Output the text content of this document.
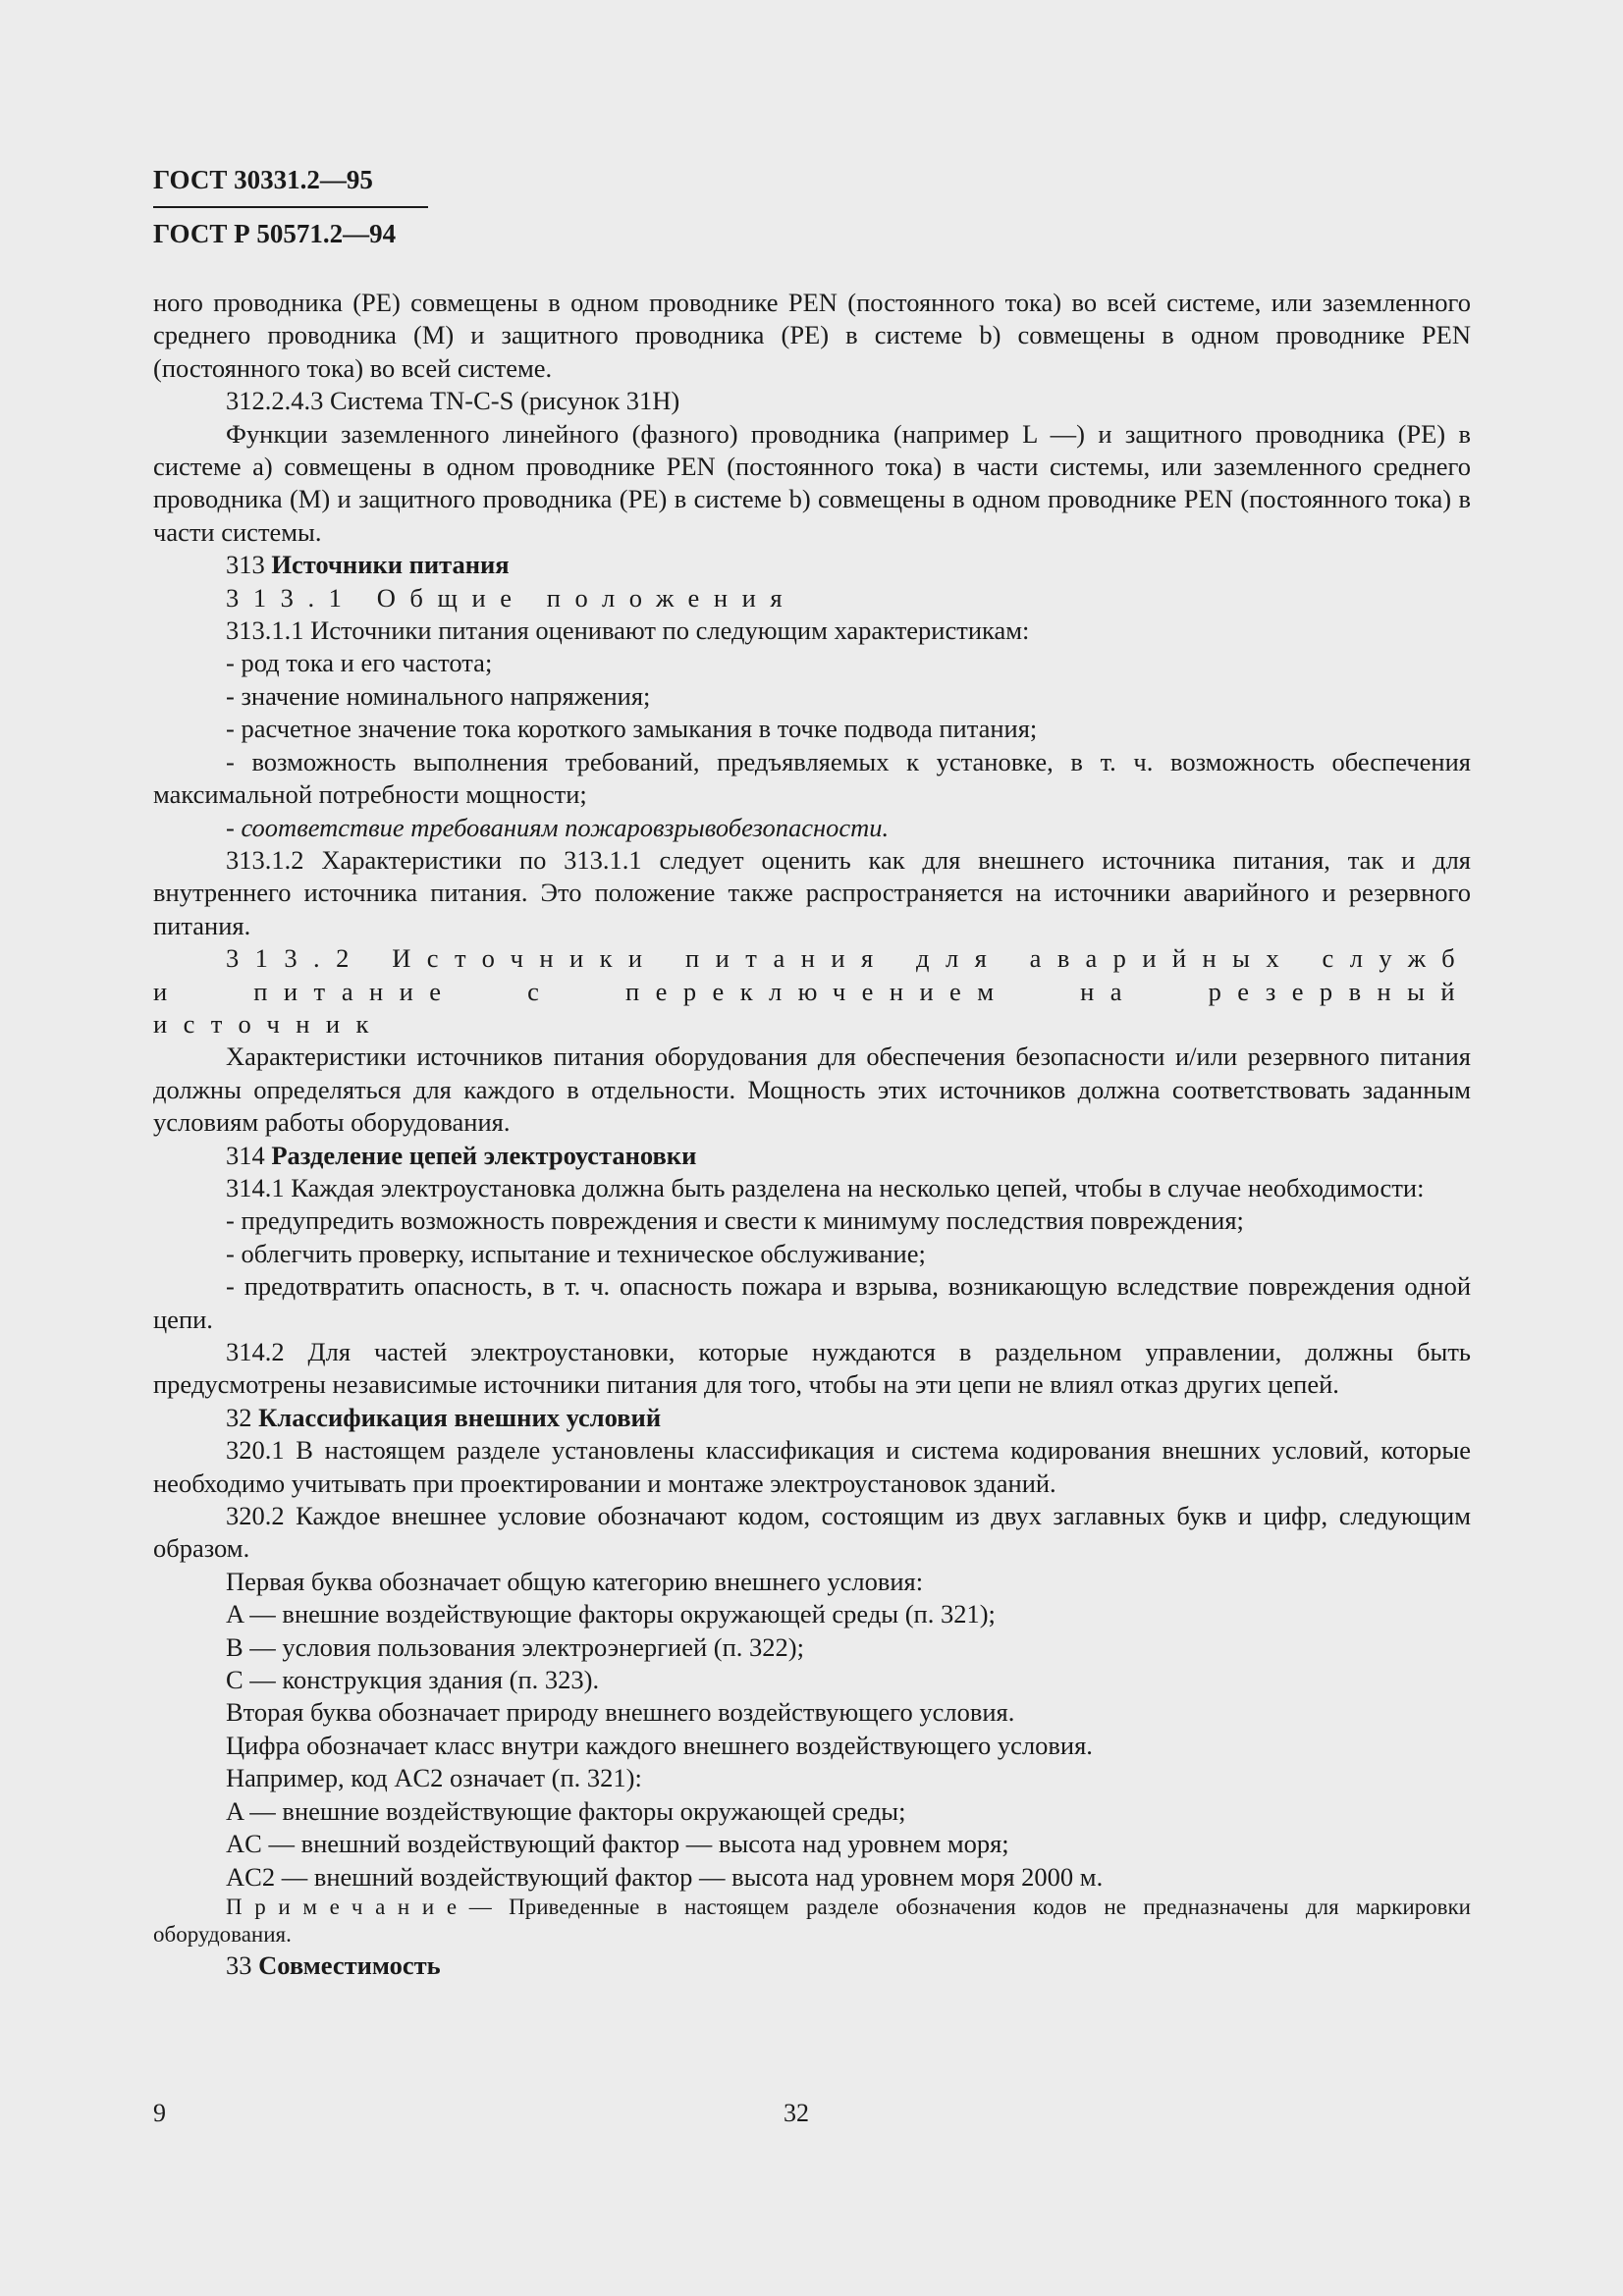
ГОСТ 30331.2—95
ГОСТ Р 50571.2—94

ного проводника (PE) совмещены в одном проводнике PEN (постоянного тока) во всей системе, или заземленного среднего проводника (M) и защитного проводника (PE) в системе b) совмещены в одном проводнике PEN (постоянного тока) во всей системе.

312.2.4.3 Система TN-C-S (рисунок 31H)

Функции заземленного линейного (фазного) проводника (например L —) и защитного проводника (PE) в системе a) совмещены в одном проводнике PEN (постоянного тока) в части системы, или заземленного среднего проводника (M) и защитного проводника (PE) в системе b) совмещены в одном проводнике PEN (постоянного тока) в части системы.

313 Источники питания

313.1 Общие положения

313.1.1 Источники питания оценивают по следующим характеристикам:

- род тока и его частота;

- значение номинального напряжения;

- расчетное значение тока короткого замыкания в точке подвода питания;

- возможность выполнения требований, предъявляемых к установке, в т. ч. возможность обеспечения максимальной потребности мощности;

- соответствие требованиям пожаровзрывобезопасности.

313.1.2 Характеристики по 313.1.1 следует оценить как для внешнего источника питания, так и для внутреннего источника питания. Это положение также распространяется на источники аварийного и резервного питания.

313.2 Источники питания для аварийных служб и питание с переключением на резервный источник

Характеристики источников питания оборудования для обеспечения безопасности и/или резервного питания должны определяться для каждого в отдельности. Мощность этих источников должна соответствовать заданным условиям работы оборудования.

314 Разделение цепей электроустановки

314.1 Каждая электроустановка должна быть разделена на несколько цепей, чтобы в случае необходимости:

- предупредить возможность повреждения и свести к минимуму последствия повреждения;

- облегчить проверку, испытание и техническое обслуживание;

- предотвратить опасность, в т. ч. опасность пожара и взрыва, возникающую вследствие повреждения одной цепи.

314.2 Для частей электроустановки, которые нуждаются в раздельном управлении, должны быть предусмотрены независимые источники питания для того, чтобы на эти цепи не влиял отказ других цепей.

32 Классификация внешних условий

320.1 В настоящем разделе установлены классификация и система кодирования внешних условий, которые необходимо учитывать при проектировании и монтаже электроустановок зданий.

320.2 Каждое внешнее условие обозначают кодом, состоящим из двух заглавных букв и цифр, следующим образом.

Первая буква обозначает общую категорию внешнего условия:

A — внешние воздействующие факторы окружающей среды (п. 321);

B — условия пользования электроэнергией (п. 322);

C — конструкция здания (п. 323).

Вторая буква обозначает природу внешнего воздействующего условия.

Цифра обозначает класс внутри каждого внешнего воздействующего условия.

Например, код AC2 означает (п. 321):

A — внешние воздействующие факторы окружающей среды;

AC — внешний воздействующий фактор — высота над уровнем моря;

AC2 — внешний воздействующий фактор — высота над уровнем моря 2000 м.

Примечание— Приведенные в настоящем разделе обозначения кодов не предназначены для маркировки оборудования.

33 Совместимость

9	32
